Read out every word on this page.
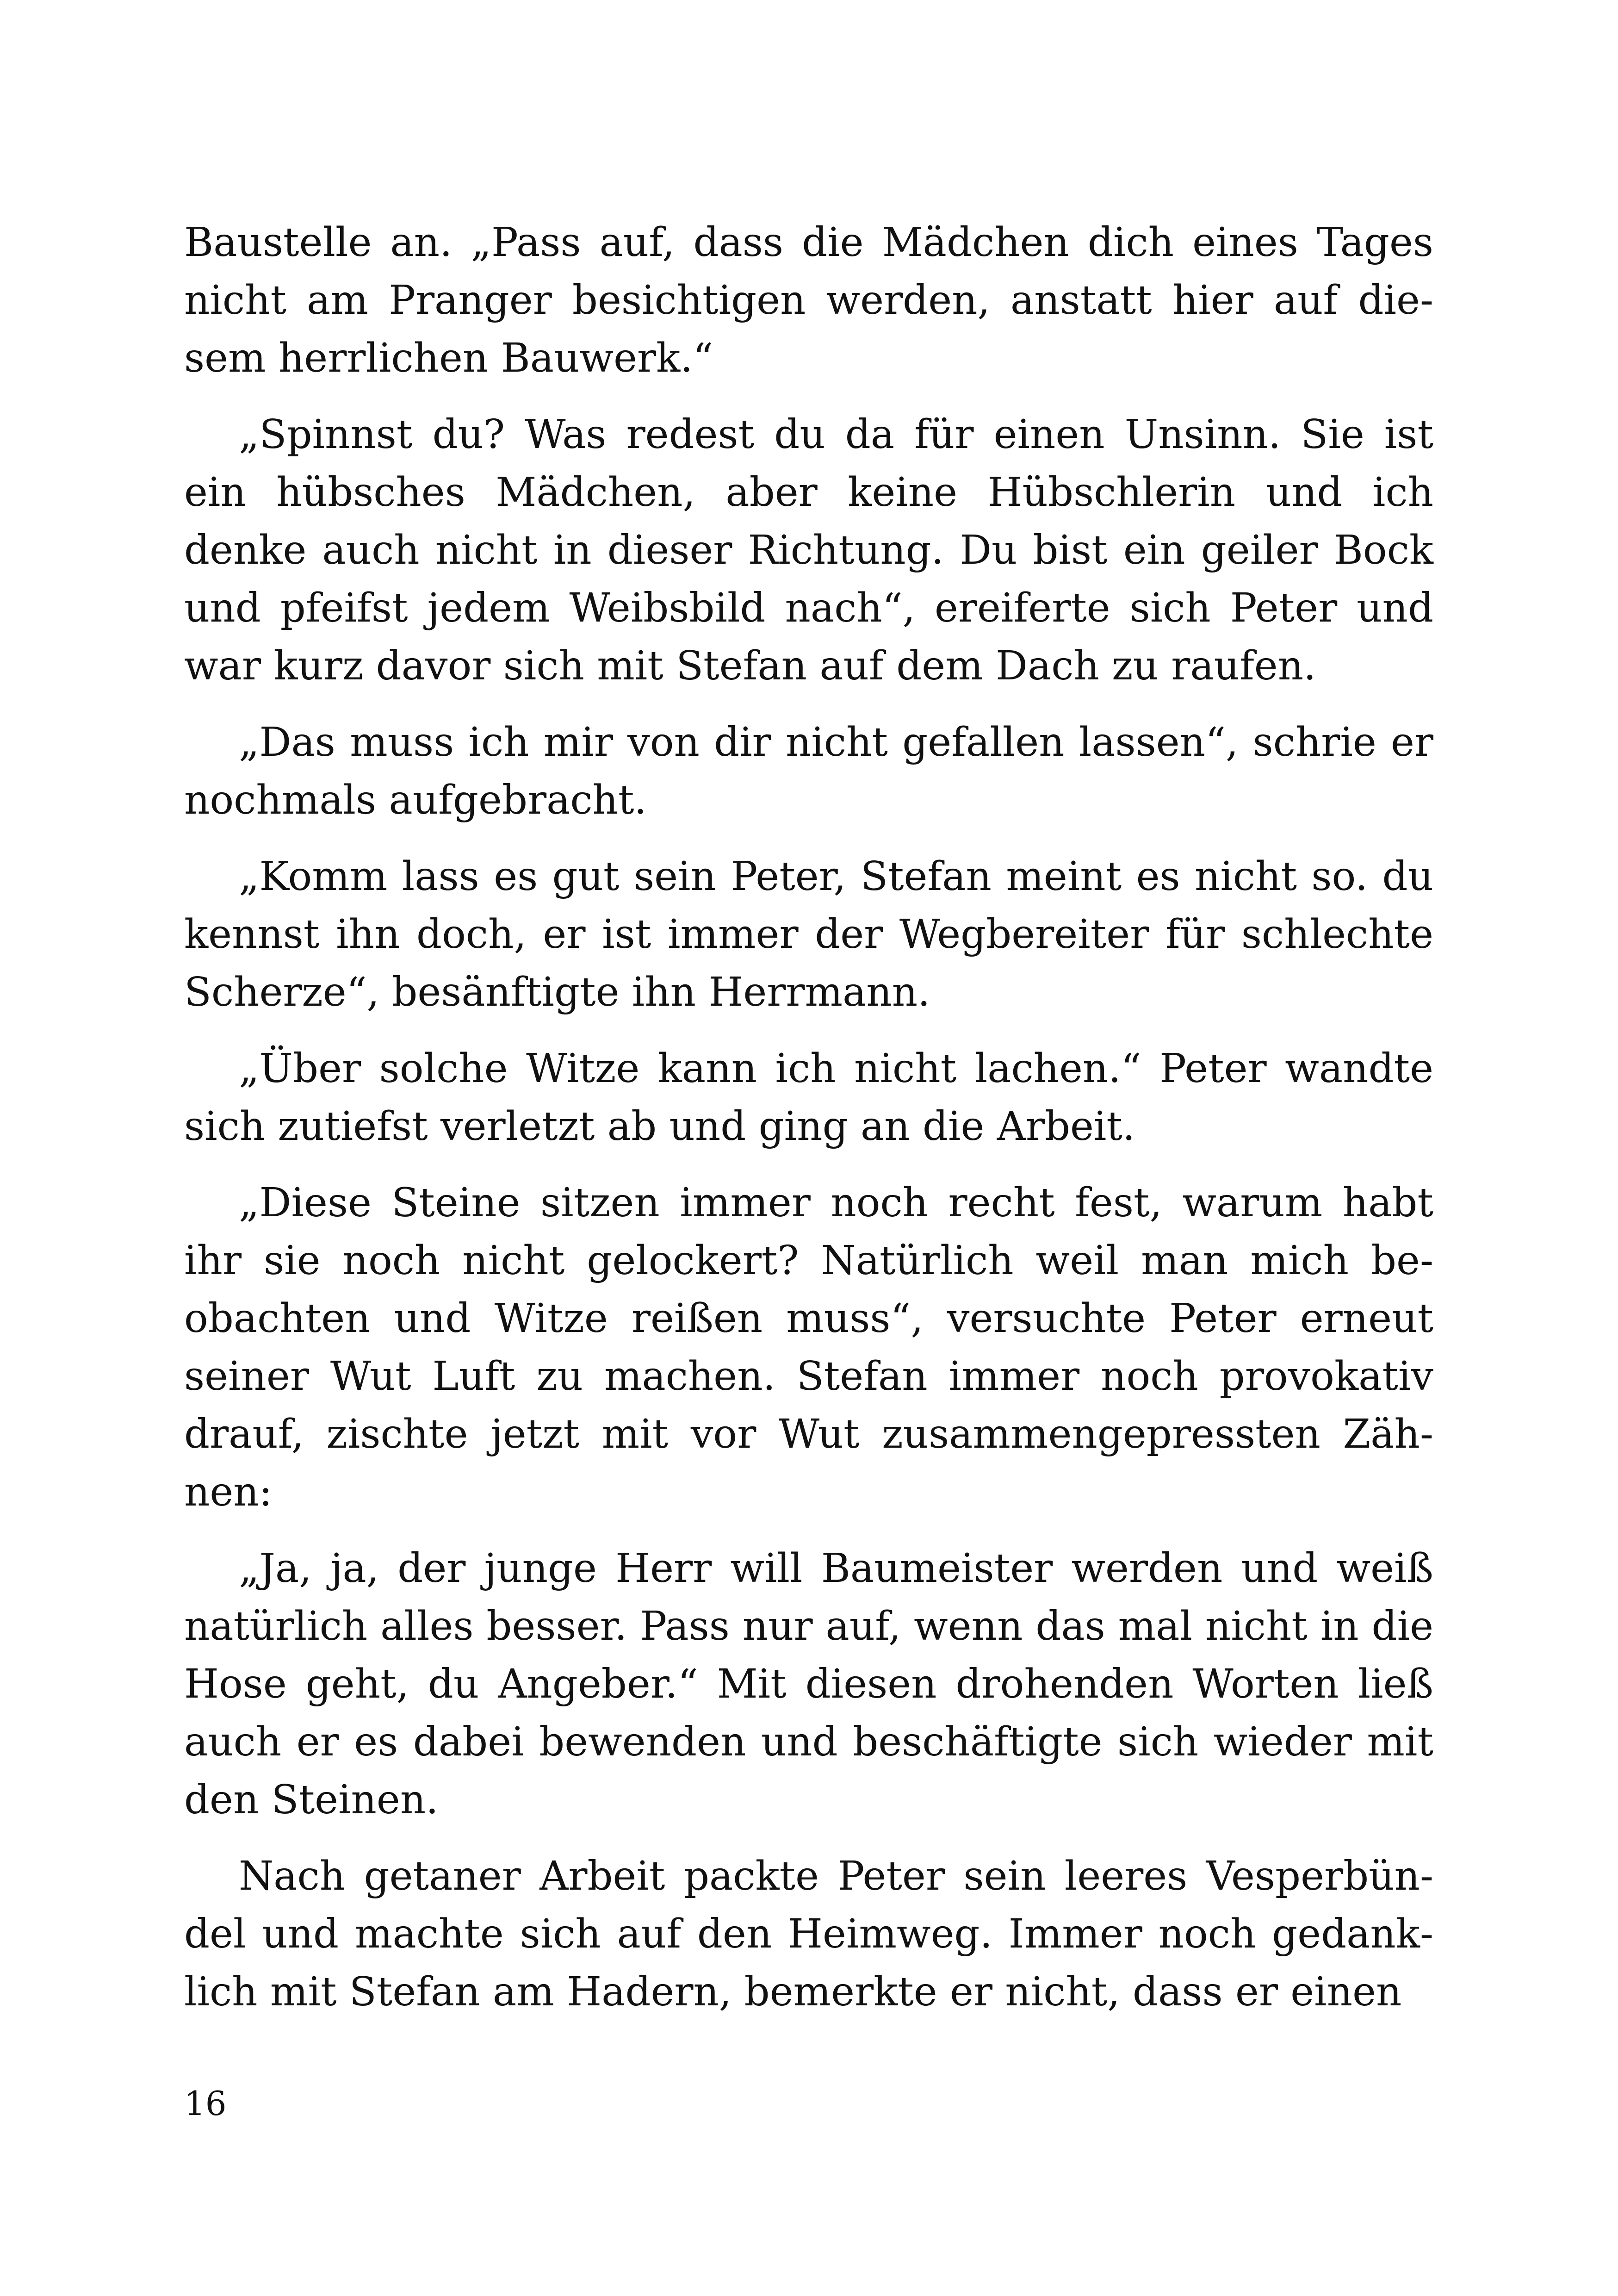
Baustelle an. „Pass auf, dass die Mädchen dich eines Tages nicht am Pranger besichtigen werden, anstatt hier auf diesem herrlichen Bauwerk.“

„Spinnst du? Was redest du da für einen Unsinn. Sie ist ein hübsches Mädchen, aber keine Hübschlerin und ich denke auch nicht in dieser Richtung. Du bist ein geiler Bock und pfeifst jedem Weibsbild nach“, ereiferte sich Peter und war kurz davor sich mit Stefan auf dem Dach zu raufen.

„Das muss ich mir von dir nicht gefallen lassen“, schrie er nochmals aufgebracht.

„Komm lass es gut sein Peter, Stefan meint es nicht so. du kennst ihn doch, er ist immer der Wegbereiter für schlechte Scherze“, besänftigte ihn Herrmann.

„Über solche Witze kann ich nicht lachen.“ Peter wandte sich zutiefst verletzt ab und ging an die Arbeit.

„Diese Steine sitzen immer noch recht fest, warum habt ihr sie noch nicht gelockert? Natürlich weil man mich beobachten und Witze reißen muss“, versuchte Peter erneut seiner Wut Luft zu machen. Stefan immer noch provokativ drauf, zischte jetzt mit vor Wut zusammengepressten Zähnen:

„Ja, ja, der junge Herr will Baumeister werden und weiß natürlich alles besser. Pass nur auf, wenn das mal nicht in die Hose geht, du Angeber.“ Mit diesen drohenden Worten ließ auch er es dabei bewenden und beschäftigte sich wieder mit den Steinen.

Nach getaner Arbeit packte Peter sein leeres Vesperbündel und machte sich auf den Heimweg. Immer noch gedanklich mit Stefan am Hadern, bemerkte er nicht, dass er einen

16
